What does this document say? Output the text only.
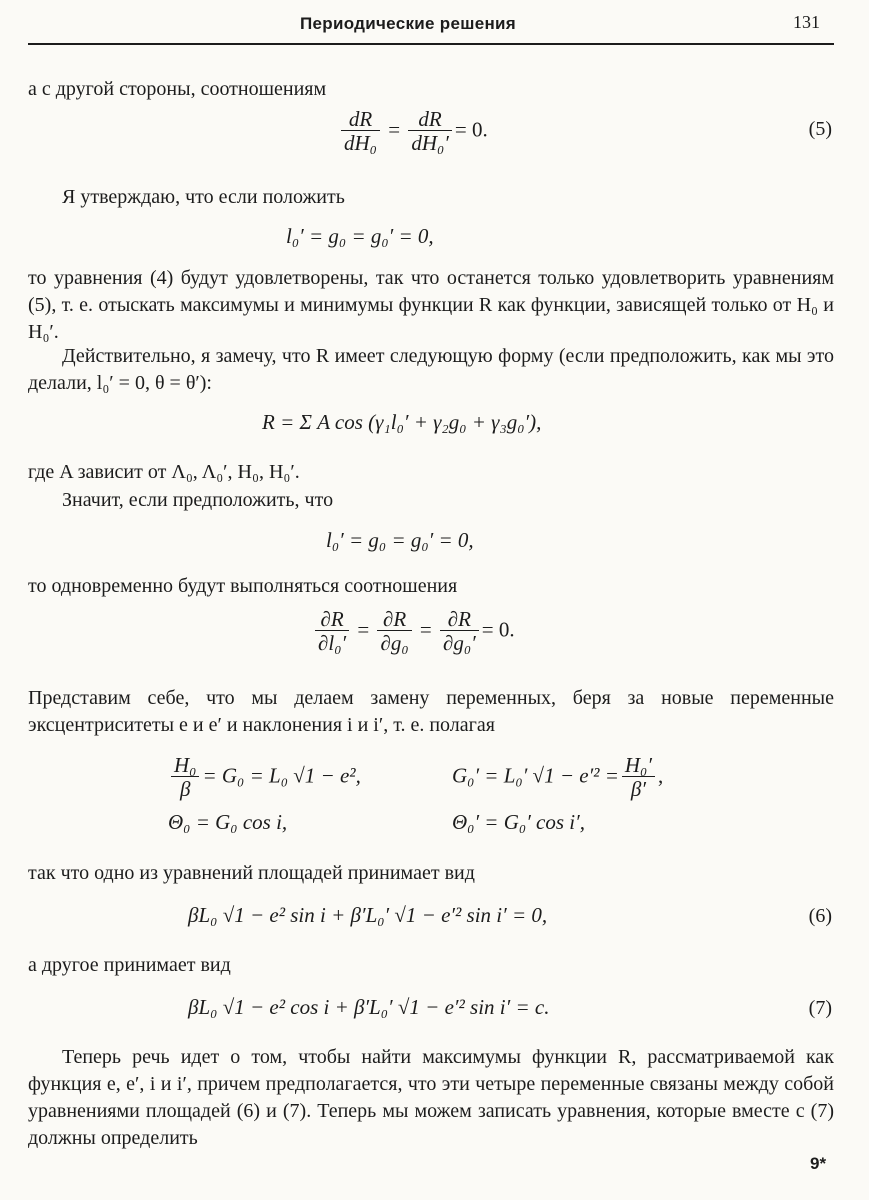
Периодические решения	131
а с другой стороны, соотношениям
$\frac{dR}{\text{dH₀}} = \frac{dR}{\text{dH₀′}} = 0$.	(5)
Я утверждаю, что если положить
l₀′ = g₀ = g₀′ = 0,
то уравнения (4) будут удовлетворены, так что останется только удовлетворить уравнениям (5), т. е. отыскать максимумы и минимумы функции R как функции, зависящей только от H₀ и H₀′.
Действительно, я замечу, что R имеет следующую форму (если предположить, как мы это делали, l₀′ = 0, θ = θ′):
R = Σ A cos (γ₁l₀′ + γ₂g₀ + γ₃g₀′),
где A зависит от Λ₀, Λ₀′, H₀, H₀′.
Значит, если предположить, что
l₀′ = g₀ = g₀′ = 0,
то одновременно будут выполняться соотношения
$\frac{\partial R}{\text{∂l₀′}} = \frac{\partial R}{\text{∂g₀}} = \frac{\partial R}{\text{∂g₀′}} = 0$.
Представим себе, что мы делаем замену переменных, беря за новые переменные эксцентриситеты e и e′ и наклонения i и i′, т. е. полагая
$\frac{\text{H₀}}{\beta} = G_0 = L_0$ √1 − e²,	G₀′ = L₀′ $√1 - e'^2 = \frac{\text{H₀′}}{\beta'}$ ,
Θ₀ = G₀ cos i,	Θ₀′ = G₀′ cos i′,
так что одно из уравнений площадей принимает вид
βL₀ √1 − e² sin i + β′L₀′ √1 − e′² sin i′ = 0,	(6)
а другое принимает вид
βL₀ √1 − e² cos i + β′L₀′ √1 − e′² sin i′ = c.	(7)
Теперь речь идет о том, чтобы найти максимумы функции R, рассматриваемой как функция e, e′, i и i′, причем предполагается, что эти четыре переменные связаны между собой уравнениями площадей (6) и (7). Теперь мы можем записать уравнения, которые вместе с (7) должны определить
9*
